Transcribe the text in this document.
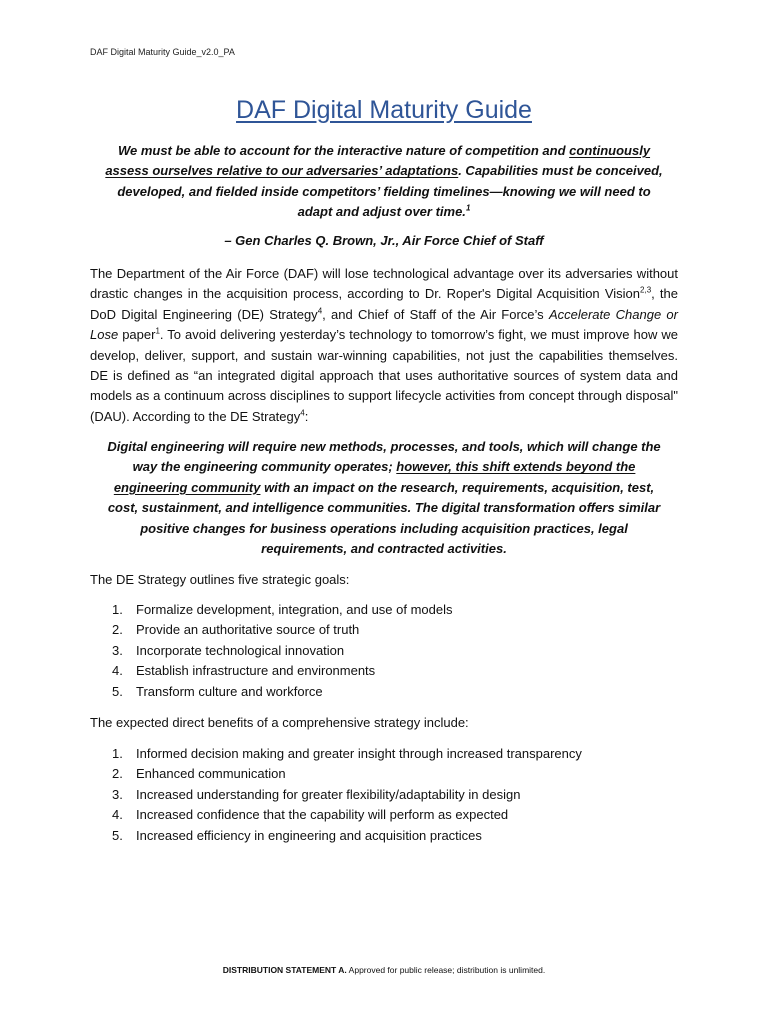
DAF Digital Maturity Guide_v2.0_PA
DAF Digital Maturity Guide
We must be able to account for the interactive nature of competition and continuously assess ourselves relative to our adversaries’ adaptations. Capabilities must be conceived, developed, and fielded inside competitors’ fielding timelines—knowing we will need to adapt and adjust over time.$^1$
– Gen Charles Q. Brown, Jr., Air Force Chief of Staff
The Department of the Air Force (DAF) will lose technological advantage over its adversaries without drastic changes in the acquisition process, according to Dr. Roper's Digital Acquisition Vision$^{2,3}$, the DoD Digital Engineering (DE) Strategy$^4$, and Chief of Staff of the Air Force’s Accelerate Change or Lose paper$^1$. To avoid delivering yesterday’s technology to tomorrow’s fight, we must improve how we develop, deliver, support, and sustain war-winning capabilities, not just the capabilities themselves. DE is defined as “an integrated digital approach that uses authoritative sources of system data and models as a continuum across disciplines to support lifecycle activities from concept through disposal" (DAU). According to the DE Strategy$^4$:
Digital engineering will require new methods, processes, and tools, which will change the way the engineering community operates; however, this shift extends beyond the engineering community with an impact on the research, requirements, acquisition, test, cost, sustainment, and intelligence communities. The digital transformation offers similar positive changes for business operations including acquisition practices, legal requirements, and contracted activities.
The DE Strategy outlines five strategic goals:
1. Formalize development, integration, and use of models
2. Provide an authoritative source of truth
3. Incorporate technological innovation
4. Establish infrastructure and environments
5. Transform culture and workforce
The expected direct benefits of a comprehensive strategy include:
1. Informed decision making and greater insight through increased transparency
2. Enhanced communication
3. Increased understanding for greater flexibility/adaptability in design
4. Increased confidence that the capability will perform as expected
5. Increased efficiency in engineering and acquisition practices
DISTRIBUTION STATEMENT A. Approved for public release; distribution is unlimited.
